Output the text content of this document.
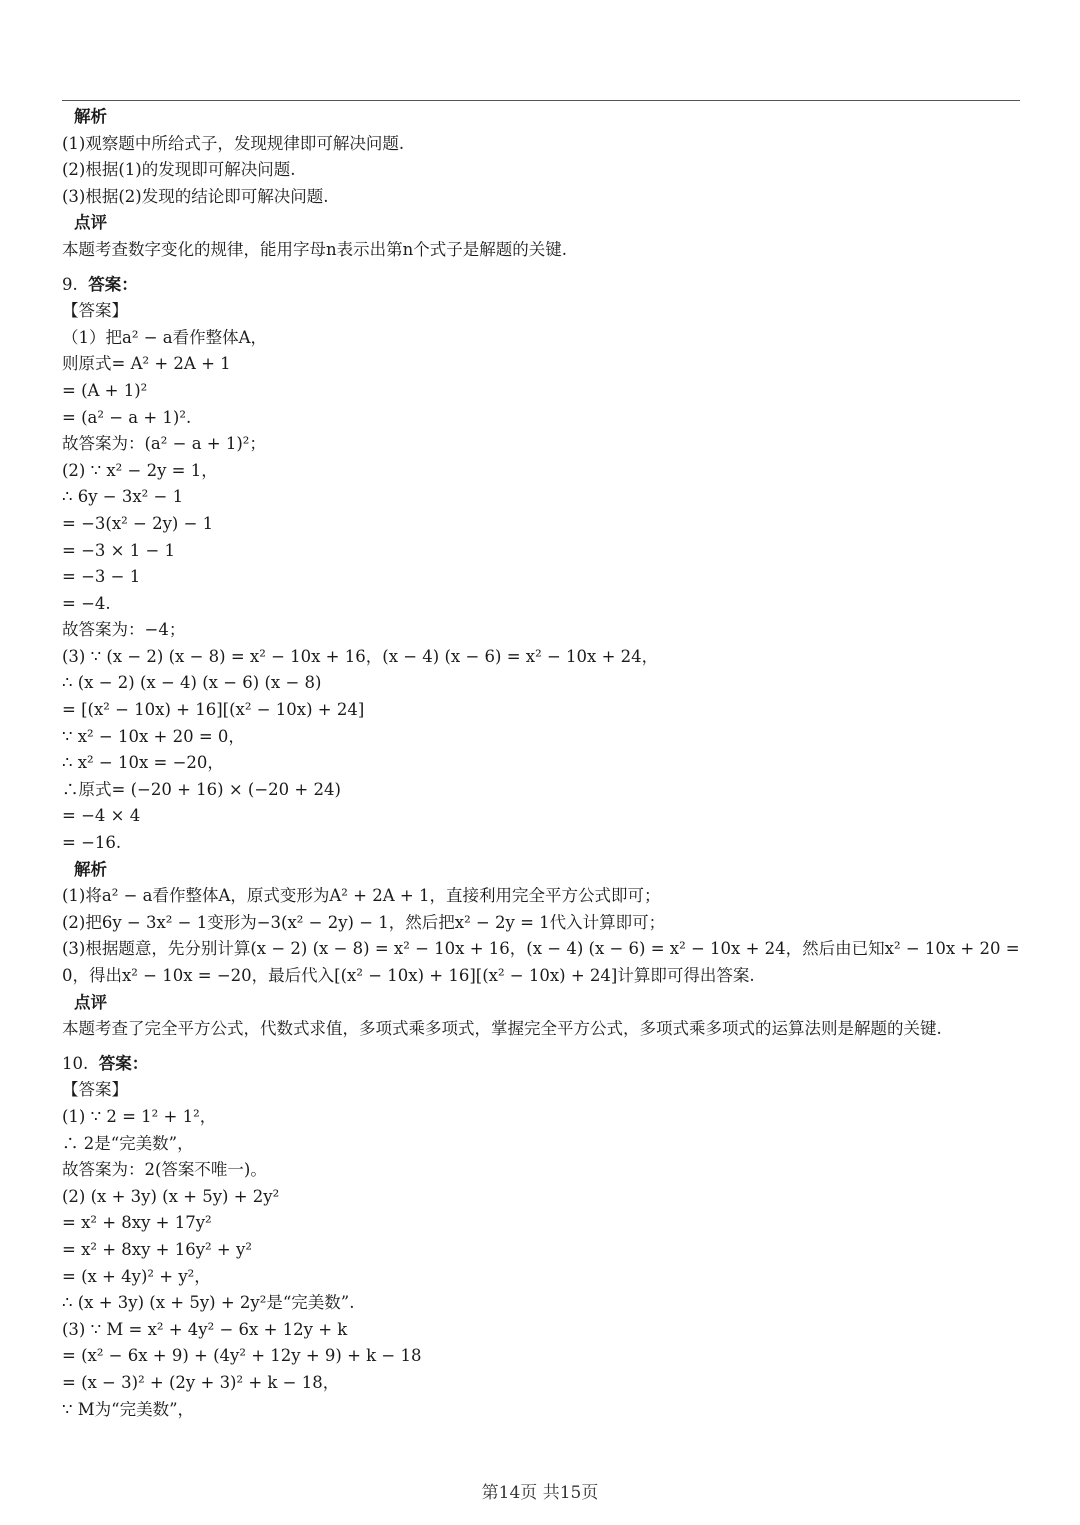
解析
(1)观察题中所给式子，发现规律即可解决问题.
(2)根据(1)的发现即可解决问题.
(3)根据(2)发现的结论即可解决问题.
点评
本题考查数字变化的规律，能用字母n表示出第n个式子是解题的关键.
9. 答案：
【答案】
（1）把a² − a看作整体A，
则原式= A² + 2A + 1
= (A + 1)²
= (a² − a + 1)².
故答案为：(a² − a + 1)²；
(2) ∵ x² − 2y = 1，
∴ 6y − 3x² − 1
= −3(x² − 2y) − 1
= −3 × 1 − 1
= −3 − 1
= −4.
故答案为：−4；
(3) ∵ (x − 2) (x − 8) = x² − 10x + 16，(x − 4) (x − 6) = x² − 10x + 24，
∴ (x − 2) (x − 4) (x − 6) (x − 8)
= [(x² − 10x) + 16][(x² − 10x) + 24]
∵ x² − 10x + 20 = 0，
∴ x² − 10x = −20，
∴原式= (−20 + 16) × (−20 + 24)
= −4 × 4
= −16.
解析
(1)将a² − a看作整体A，原式变形为A² + 2A + 1，直接利用完全平方公式即可；
(2)把6y − 3x² − 1变形为−3(x² − 2y) − 1，然后把x² − 2y = 1代入计算即可；
(3)根据题意，先分别计算(x − 2) (x − 8) = x² − 10x + 16，(x − 4) (x − 6) = x² − 10x + 24，然后由已知x² − 10x + 20 = 0，得出x² − 10x = −20，最后代入[(x² − 10x) + 16][(x² − 10x) + 24]计算即可得出答案.
点评
本题考查了完全平方公式，代数式求值，多项式乘多项式，掌握完全平方公式，多项式乘多项式的运算法则是解题的关键.
10. 答案：
【答案】
(1) ∵ 2 = 1² + 1²，
∴ 2是“完美数”，
故答案为：2(答案不唯一)。
(2) (x + 3y) (x + 5y) + 2y²
= x² + 8xy + 17y²
= x² + 8xy + 16y² + y²
= (x + 4y)² + y²，
∴ (x + 3y) (x + 5y) + 2y²是“完美数”.
(3) ∵ M = x² + 4y² − 6x + 12y + k
= (x² − 6x + 9) + (4y² + 12y + 9) + k − 18
= (x − 3)² + (2y + 3)² + k − 18，
∵ M为“完美数”，
第14页 共15页
